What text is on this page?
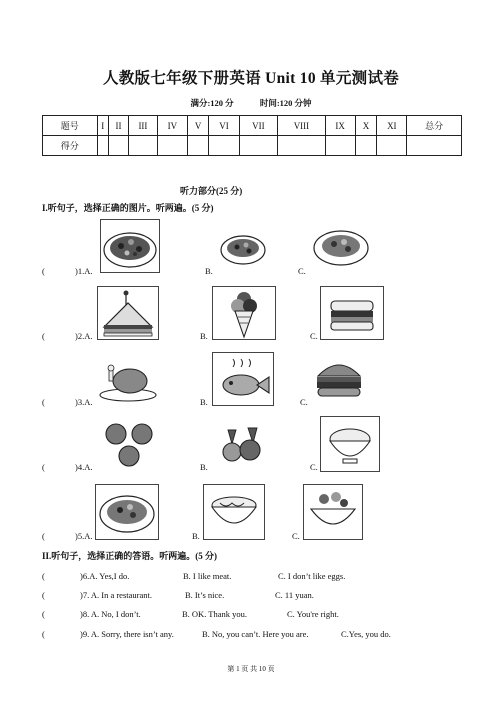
人教版七年级下册英语 Unit 10 单元测试卷
满分:120 分	时间:120 分钟
题号	I	II	III	IV	V	VI	VII	VIII	IX	X	XI	总分
得分												
听力部分(25 分)
I.听句子，选择正确的图片。听两遍。(5 分)
(	)1.A.	B.	C.
(	)2.A.	B.	C.
(	)3.A.	B.	C.
(	)4.A.	B.	C.
(	)5.A.	B.	C.
II.听句子，选择正确的答语。听两遍。(5 分)
(	)6.A. Yes,I do.	B. I like meat.	C. I don’t like eggs.
(	)7. A. In a restaurant.	B. It’s nice.	C. 11 yuan.
(	)8. A. No, I don’t.	B. OK. Thank you.	C. You're right.
(	)9. A. Sorry, there isn’t any.	B. No, you can’t. Here you are.	C.Yes, you do.
第 1 页 共 10 页
